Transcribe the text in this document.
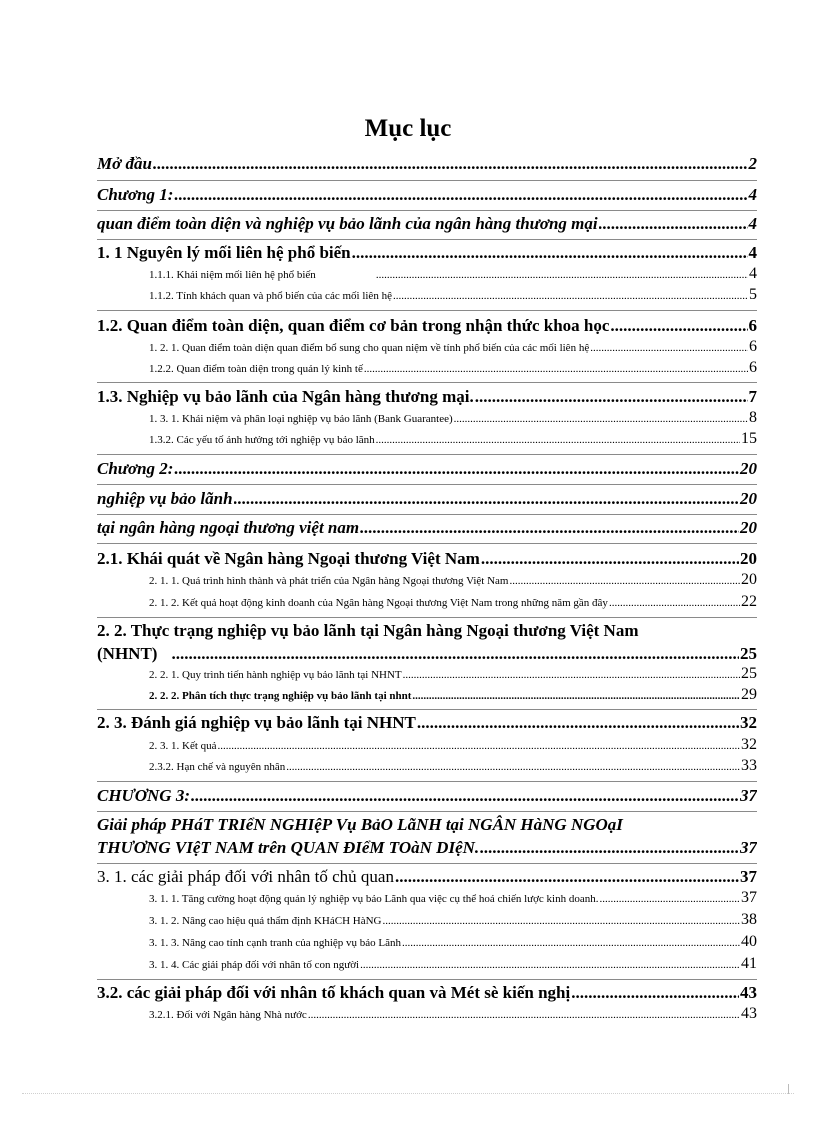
Mục lục
Mở đầu .....	2
Chương 1: .....	4
quan điểm toàn diện và nghiệp vụ bảo lãnh của ngân hàng thương mại .....	4
1. 1 Nguyên lý mối liên hệ phổ biến .....	4
1.1.1. Khái niệm mối liên hệ phổ biến .....	4
1.1.2. Tính khách quan và phổ biến của các mối liên hệ .....	5
1.2. Quan điểm toàn diện, quan điểm cơ bản trong nhận thức khoa học .....	6
1. 2. 1. Quan điểm toàn diện quan điểm bổ sung cho quan niệm về tính phổ biến của các mối liên hệ .....	6
1.2.2. Quan điểm toàn diện trong quản lý kinh tế .....	6
1.3. Nghiệp vụ bảo lãnh của Ngân hàng thương mại. .....	7
1. 3. 1. Khái niệm và phân loại nghiệp vụ bảo lãnh (Bank Guarantee) .....	8
1.3.2. Các yếu tố ảnh hưởng tới nghiệp vụ bảo lãnh .....	15
Chương 2: .....	20
nghiệp vụ bảo lãnh .....	20
tại ngân hàng ngoại thương việt nam .....	20
2.1. Khái quát về Ngân hàng Ngoại thương Việt Nam .....	20
2. 1. 1. Quá trình hình thành và phát triển của Ngân hàng Ngoại thương Việt Nam .....	20
2. 1. 2. Kết quả hoạt động kinh doanh của Ngân hàng Ngoại thương Việt Nam trong những năm gần đây .....	22
2. 2. Thực trạng nghiệp vụ bảo lãnh tại Ngân hàng Ngoại thương Việt Nam
(NHNT) .....	25
2. 2. 1. Quy trình tiến hành nghiệp vụ bảo lãnh tại NHNT .....	25
2. 2. 2. Phân tích thực trạng nghiệp vụ bảo lãnh tại nhnt .....	29
2. 3. Đánh giá nghiệp vụ bảo lãnh tại NHNT .....	32
2. 3. 1. Kết quả .....	32
2.3.2. Hạn chế và nguyên nhân .....	33
CHƯƠNG 3: .....	37
Giải pháp PHáT TRIểN NGHIệP Vụ BảO LãNH tại NGÂN HàNG NGOạI
THƯƠNG VIệT NAM trên QUAN ĐIểM TOàN DIệN. .....	37
3. 1. các giải pháp đối với nhân tố chủ quan .....	37
3. 1. 1. Tăng cường hoạt động quản lý nghiệp vụ bảo Lãnh qua việc cụ thể hoá chiến lược kinh doanh. .....	37
3. 1. 2. Nâng cao hiệu quả thẩm định KHáCH HàNG .....	38
3. 1. 3. Nâng cao tính cạnh tranh của nghiệp vụ bảo Lãnh .....	40
3. 1. 4. Các giải pháp đối với nhân tố con người .....	41
3.2. các giải pháp đối với nhân tố khách quan và Mét sè kiến nghị .....	43
3.2.1. Đối với Ngân hàng Nhà nước .....	43
